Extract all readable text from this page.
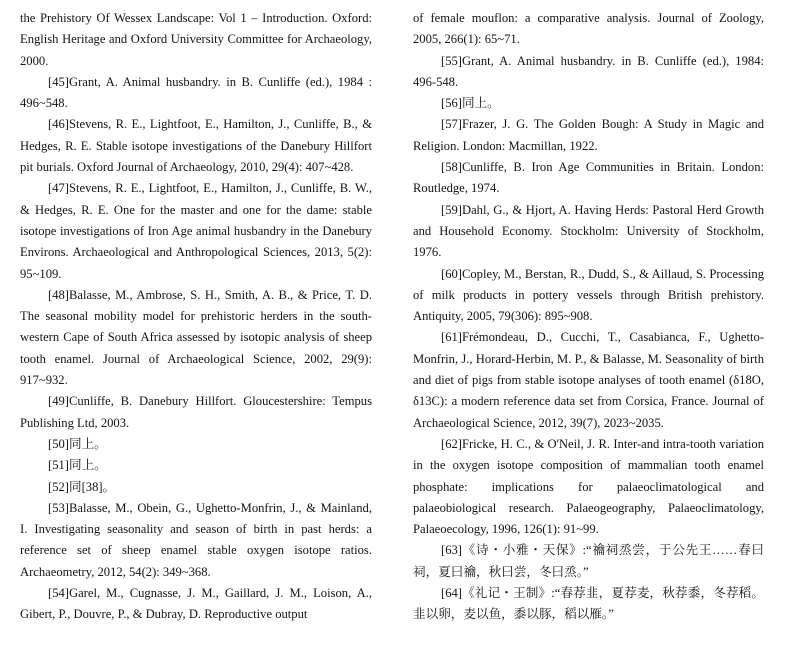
the Prehistory Of Wessex Landscape: Vol 1 – Introduction. Oxford: English Heritage and Oxford University Committee for Archaeology, 2000.

[45]Grant, A. Animal husbandry. in B. Cunliffe (ed.), 1984 : 496~548.

[46]Stevens, R. E., Lightfoot, E., Hamilton, J., Cunliffe, B., & Hedges, R. E. Stable isotope investigations of the Danebury Hillfort pit burials. Oxford Journal of Archaeology, 2010, 29(4): 407~428.

[47]Stevens, R. E., Lightfoot, E., Hamilton, J., Cunliffe, B. W., & Hedges, R. E. One for the master and one for the dame: stable isotope investigations of Iron Age animal husbandry in the Danebury Environs. Archaeological and Anthropological Sciences, 2013, 5(2): 95~109.

[48]Balasse, M., Ambrose, S. H., Smith, A. B., & Price, T. D. The seasonal mobility model for prehistoric herders in the south-western Cape of South Africa assessed by isotopic analysis of sheep tooth enamel. Journal of Archaeological Science, 2002, 29(9): 917~932.

[49]Cunliffe, B. Danebury Hillfort. Gloucestershire: Tempus Publishing Ltd, 2003.

[50]同上。

[51]同上。

[52]同[38]。

[53]Balasse, M., Obein, G., Ughetto-Monfrin, J., & Mainland, I. Investigating seasonality and season of birth in past herds: a reference set of sheep enamel stable oxygen isotope ratios. Archaeometry, 2012, 54(2): 349~368.

[54]Garel, M., Cugnasse, J. M., Gaillard, J. M., Loison, A., Gibert, P., Douvre, P., & Dubray, D. Reproductive output

of female mouflon: a comparative analysis. Journal of Zoology, 2005, 266(1): 65~71.

[55]Grant, A. Animal husbandry. in B. Cunliffe (ed.), 1984: 496-548.

[56]同上。

[57]Frazer, J. G. The Golden Bough: A Study in Magic and Religion. London: Macmillan, 1922.

[58]Cunliffe, B. Iron Age Communities in Britain. London: Routledge, 1974.

[59]Dahl, G., & Hjort, A. Having Herds: Pastoral Herd Growth and Household Economy. Stockholm: University of Stockholm, 1976.

[60]Copley, M., Berstan, R., Dudd, S., & Aillaud, S. Processing of milk products in pottery vessels through British prehistory. Antiquity, 2005, 79(306): 895~908.

[61]Frémondeau, D., Cucchi, T., Casabianca, F., Ughetto-Monfrin, J., Horard-Herbin, M. P., & Balasse, M. Seasonality of birth and diet of pigs from stable isotope analyses of tooth enamel (δ18O, δ13C): a modern reference data set from Corsica, France. Journal of Archaeological Science, 2012, 39(7), 2023~2035.

[62]Fricke, H. C., & O'Neil, J. R. Inter-and intra-tooth variation in the oxygen isotope composition of mammalian tooth enamel phosphate: implications for palaeoclimatological and palaeobiological research. Palaeogeography, Palaeoclimatology, Palaeoecology, 1996, 126(1): 91~99.

[63]《诗・小雅・天保》:“禴祠烝尝，于公先王……春曰祠，夏曰禴，秋曰尝，冬曰烝。”

[64]《礼记・王制》:“春荐韭，夏荐麦，秋荐黍，冬荐稻。韭以卵，麦以鱼，黍以豚，稻以雁。”
